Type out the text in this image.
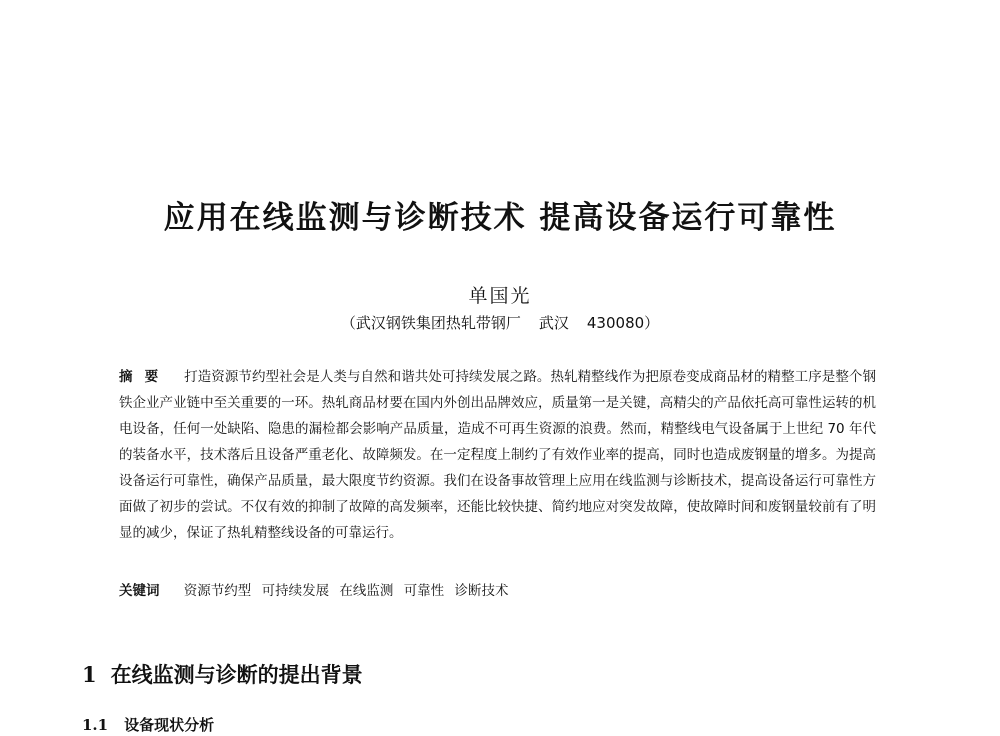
应用在线监测与诊断技术 提高设备运行可靠性
单国光
（武汉钢铁集团热轧带钢厂 武汉 430080）
摘要 打造资源节约型社会是人类与自然和谐共处可持续发展之路。热轧精整线作为把原卷变成商品材的精整工序是整个钢铁企业产业链中至关重要的一环。热轧商品材要在国内外创出品牌效应，质量第一是关键，高精尖的产品依托高可靠性运转的机电设备，任何一处缺陷、隐患的漏检都会影响产品质量，造成不可再生资源的浪费。然而，精整线电气设备属于上世纪 70 年代的装备水平，技术落后且设备严重老化、故障频发。在一定程度上制约了有效作业率的提高，同时也造成废钢量的增多。为提高设备运行可靠性，确保产品质量，最大限度节约资源。我们在设备事故管理上应用在线监测与诊断技术，提高设备运行可靠性方面做了初步的尝试。不仅有效的抑制了故障的高发频率，还能比较快捷、简约地应对突发故障，使故障时间和废钢量较前有了明显的减少，保证了热轧精整线设备的可靠运行。
关键词 资源节约型 可持续发展 在线监测 可靠性 诊断技术
1 在线监测与诊断的提出背景
1.1 设备现状分析
